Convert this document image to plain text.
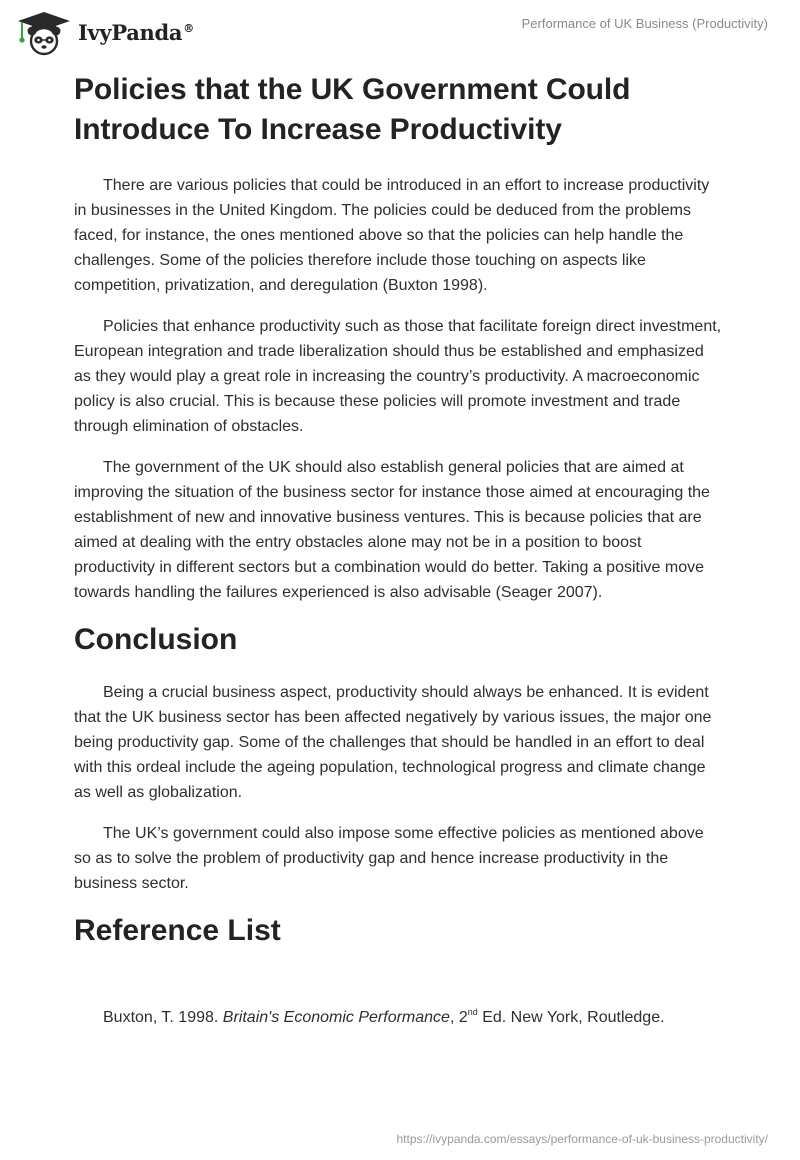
IvyPanda®	Performance of UK Business (Productivity)
Policies that the UK Government Could
Introduce To Increase Productivity

There are various policies that could be introduced in an effort to increase productivity in businesses in the United Kingdom. The policies could be deduced from the problems faced, for instance, the ones mentioned above so that the policies can help handle the challenges. Some of the policies therefore include those touching on aspects like competition, privatization, and deregulation (Buxton 1998).

Policies that enhance productivity such as those that facilitate foreign direct investment, European integration and trade liberalization should thus be established and emphasized as they would play a great role in increasing the country’s productivity. A macroeconomic policy is also crucial. This is because these policies will promote investment and trade through elimination of obstacles.

The government of the UK should also establish general policies that are aimed at improving the situation of the business sector for instance those aimed at encouraging the establishment of new and innovative business ventures. This is because policies that are aimed at dealing with the entry obstacles alone may not be in a position to boost productivity in different sectors but a combination would do better. Taking a positive move towards handling the failures experienced is also advisable (Seager 2007).

Conclusion

Being a crucial business aspect, productivity should always be enhanced. It is evident that the UK business sector has been affected negatively by various issues, the major one being productivity gap. Some of the challenges that should be handled in an effort to deal with this ordeal include the ageing population, technological progress and climate change as well as globalization.

The UK’s government could also impose some effective policies as mentioned above so as to solve the problem of productivity gap and hence increase productivity in the business sector.

Reference List
Buxton, T. 1998. Britain's Economic Performance, 2nd Ed. New York, Routledge.
https://ivypanda.com/essays/performance-of-uk-business-productivity/
